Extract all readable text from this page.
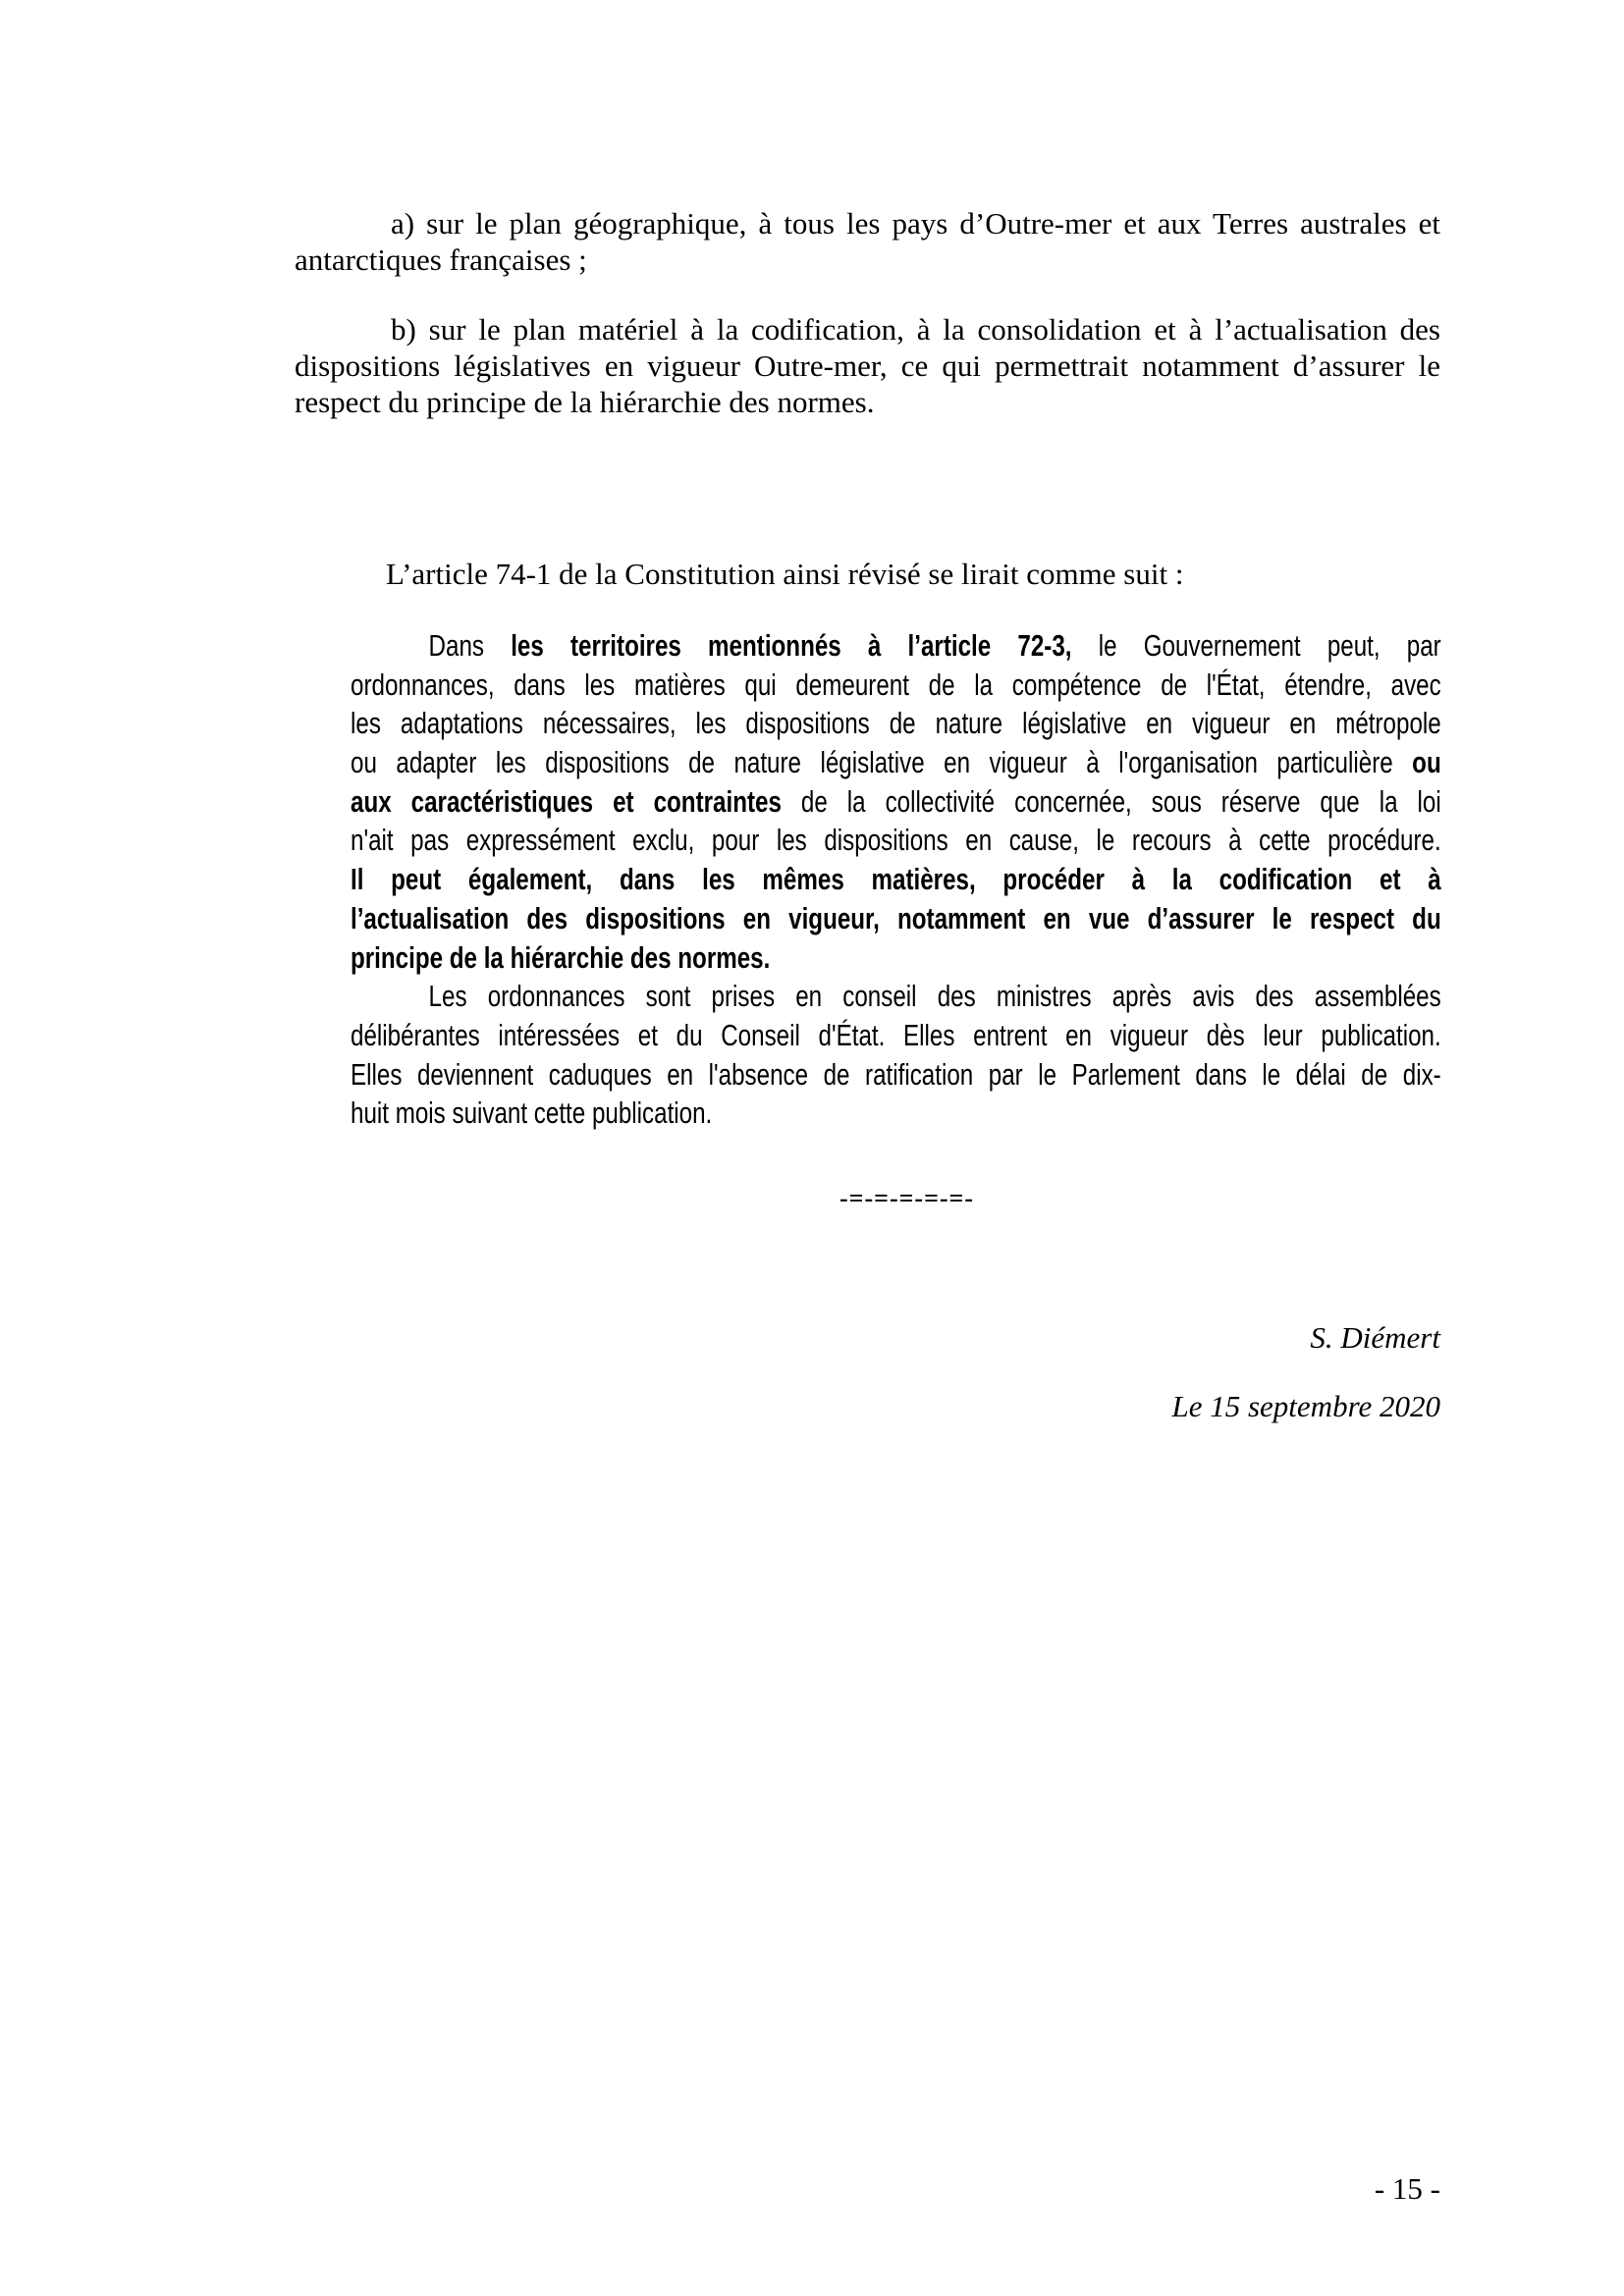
a) sur le plan géographique, à tous les pays d’Outre-mer et aux Terres australes et
antarctiques françaises ;
b) sur le plan matériel à la codification, à la consolidation et à l’actualisation des
dispositions législatives en vigueur Outre-mer, ce qui permettrait notamment d’assurer le
respect du principe de la hiérarchie des normes.
L’article 74-1 de la Constitution ainsi révisé se lirait comme suit :
Dans les territoires mentionnés à l’article 72-3, le Gouvernement peut, par
ordonnances, dans les matières qui demeurent de la compétence de l'État, étendre, avec
les adaptations nécessaires, les dispositions de nature législative en vigueur en métropole
ou adapter les dispositions de nature législative en vigueur à l'organisation particulière ou
aux caractéristiques et contraintes de la collectivité concernée, sous réserve que la loi
n'ait pas expressément exclu, pour les dispositions en cause, le recours à cette procédure.
Il peut également, dans les mêmes matières, procéder à la codification et à
l’actualisation des dispositions en vigueur, notamment en vue d’assurer le respect du
principe de la hiérarchie des normes.
Les ordonnances sont prises en conseil des ministres après avis des assemblées
délibérantes intéressées et du Conseil d'État. Elles entrent en vigueur dès leur publication.
Elles deviennent caduques en l'absence de ratification par le Parlement dans le délai de dix-
huit mois suivant cette publication.
-=-=-=-=-=-
S. Diémert
Le 15 septembre 2020
- 15 -
